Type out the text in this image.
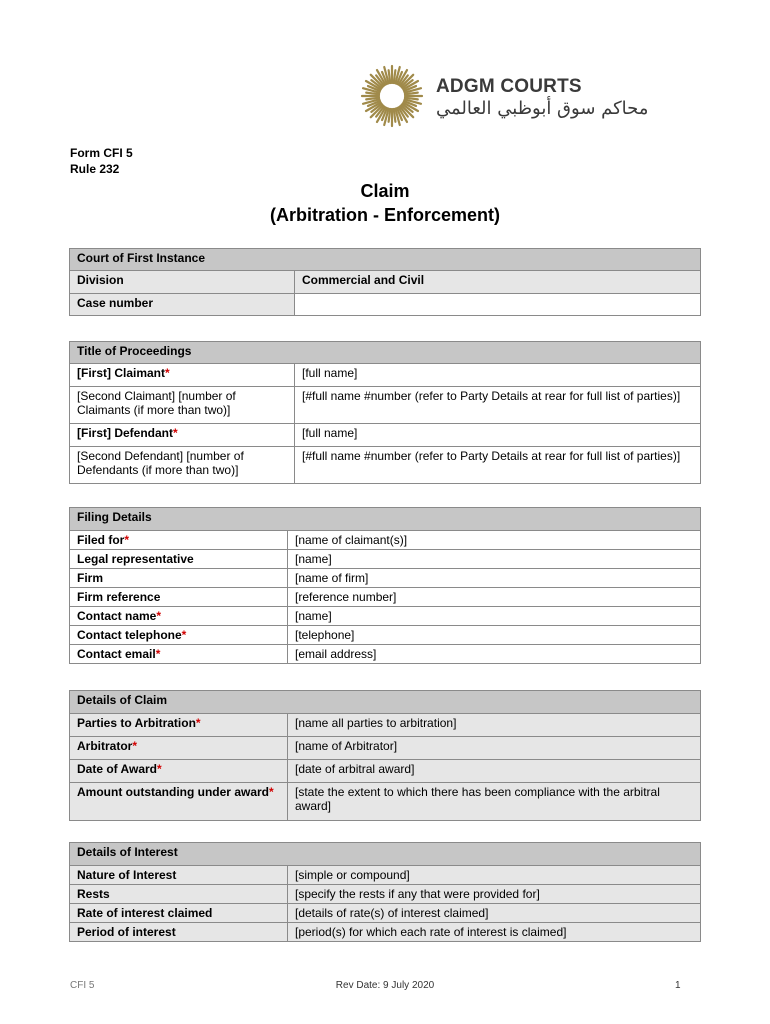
ADGM COURTS
محاكم سوق أبوظبي العالمي
Form CFI 5
Rule 232
Claim
(Arbitration - Enforcement)
Court of First Instance	
Division	Commercial and Civil
Case number	
Title of Proceedings	
[First] Claimant*	[full name]
[Second Claimant] [number of Claimants (if more than two)]	[#full name #number (refer to Party Details at rear for full list of parties)]
[First] Defendant*	[full name]
[Second Defendant] [number of Defendants (if more than two)]	[#full name #number (refer to Party Details at rear for full list of parties)]
Filing Details	
Filed for*	[name of claimant(s)]
Legal representative	[name]
Firm	[name of firm]
Firm reference	[reference number]
Contact name*	[name]
Contact telephone*	[telephone]
Contact email*	[email address]
Details of Claim	
Parties to Arbitration*	[name all parties to arbitration]
Arbitrator*	[name of Arbitrator]
Date of Award*	[date of arbitral award]
Amount outstanding under award*	[state the extent to which there has been compliance with the arbitral award]
Details of Interest	
Nature of Interest	[simple or compound]
Rests	[specify the rests if any that were provided for]
Rate of interest claimed	[details of rate(s) of interest claimed]
Period of interest	[period(s) for which each rate of interest is claimed]
CFI 5	Rev Date: 9 July 2020	1
